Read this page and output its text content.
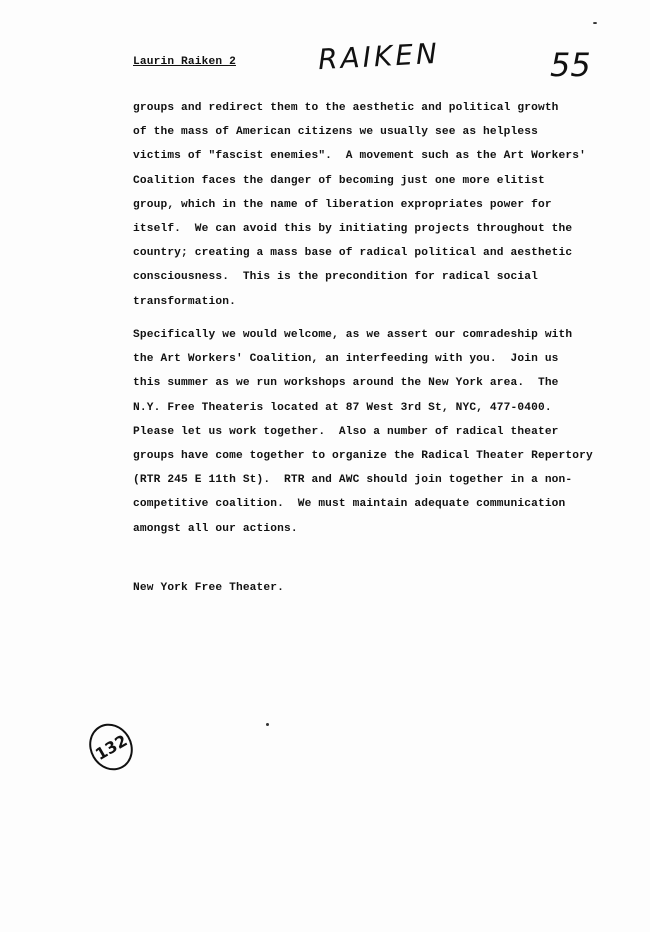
Laurin Raiken 2	RAIKEN	55
groups and redirect them to the aesthetic and political growth
of the mass of American citizens we usually see as helpless
victims of "fascist enemies".  A movement such as the Art Workers'
Coalition faces the danger of becoming just one more elitist
group, which in the name of liberation expropriates power for
itself.  We can avoid this by initiating projects throughout the
country; creating a mass base of radical political and aesthetic
consciousness.  This is the precondition for radical social
transformation.
Specifically we would welcome, as we assert our comradeship with
the Art Workers' Coalition, an interfeeding with you.  Join us
this summer as we run workshops around the New York area.  The
N.Y. Free Theateris located at 87 West 3rd St, NYC, 477-0400.
Please let us work together.  Also a number of radical theater
groups have come together to organize the Radical Theater Repertory
(RTR 245 E 11th St).  RTR and AWC should join together in a non-
competitive coalition.  We must maintain adequate communication
amongst all our actions.
New York Free Theater.
132
